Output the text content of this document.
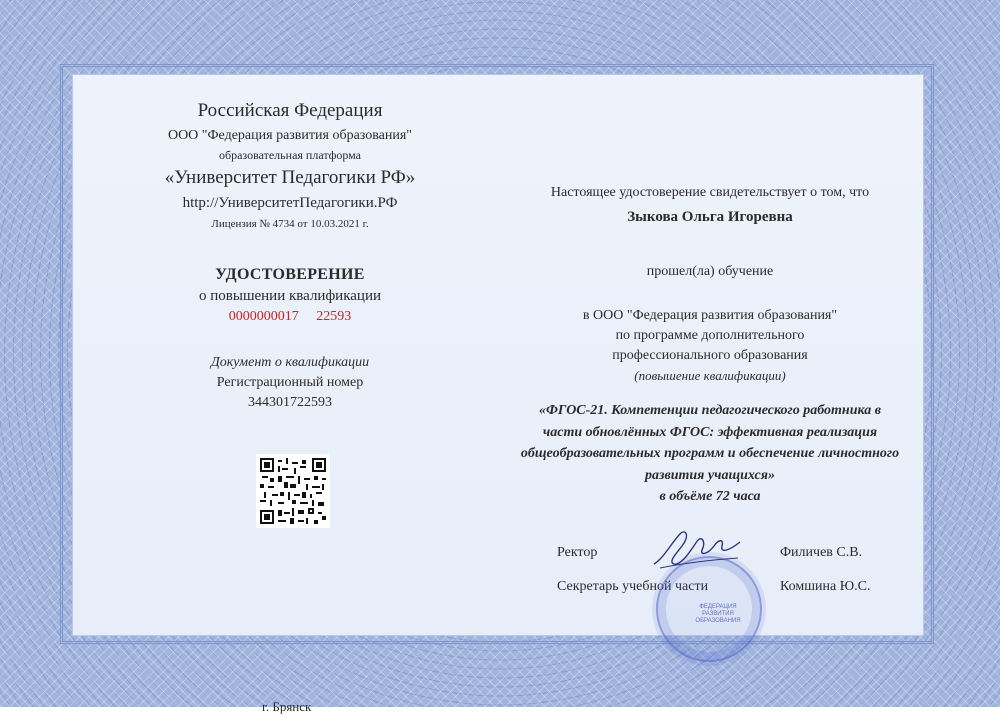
Российская Федерация
ООО "Федерация развития образования"
образовательная платформа
«Университет Педагогики РФ»
http://УниверситетПедагогики.РФ
Лицензия № 4734 от 10.03.2021 г.
УДОСТОВЕРЕНИЕ
о повышении квалификации
0000000017 22593
Документ о квалификации
Регистрационный номер
344301722593
Настоящее удостоверение свидетельствует о том, что
Зыкова Ольга Игоревна
прошел(ла) обучение
в ООО "Федерация развития образования"
по программе дополнительного
профессионального образования
(повышение квалификации)
«ФГОС-21. Компетенции педагогического работника в
части обновлённых ФГОС: эффективная реализация
общеобразовательных программ и обеспечение личностного
развития учащихся»
в объёме 72 часа
Ректор	Филичев С.В.
Секретарь учебной части	Комшина Ю.С.
ФЕДЕРАЦИЯ РАЗВИТИЯ ОБРАЗОВАНИЯ
г. Брянск
